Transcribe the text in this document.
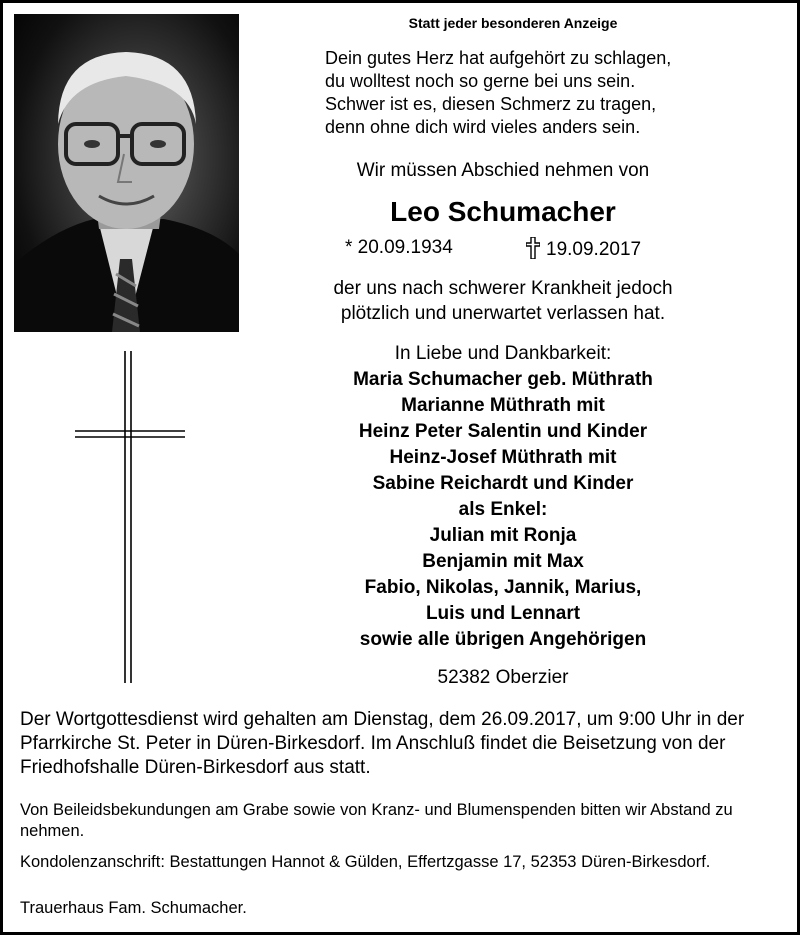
Statt jeder besonderen Anzeige
Dein gutes Herz hat aufgehört zu schlagen,
du wolltest noch so gerne bei uns sein.
Schwer ist es, diesen Schmerz zu tragen,
denn ohne dich wird vieles anders sein.
Wir müssen Abschied nehmen von
Leo Schumacher
* 20.09.1934	19.09.2017
der uns nach schwerer Krankheit jedoch
plötzlich und unerwartet verlassen hat.
In Liebe und Dankbarkeit:
Maria Schumacher geb. Müthrath
Marianne Müthrath mit
Heinz Peter Salentin und Kinder
Heinz-Josef Müthrath mit
Sabine Reichardt und Kinder
als Enkel:
Julian mit Ronja
Benjamin mit Max
Fabio, Nikolas, Jannik, Marius,
Luis und Lennart
sowie alle übrigen Angehörigen
52382 Oberzier
Der Wortgottesdienst wird gehalten am Dienstag, dem 26.09.2017, um 9:00 Uhr in der Pfarrkirche St. Peter in Düren-Birkesdorf. Im Anschluß findet die Beisetzung von der Friedhofshalle Düren-Birkesdorf aus statt.
Von Beileidsbekundungen am Grabe sowie von Kranz- und Blumenspenden bitten wir Abstand zu nehmen.
Kondolenzanschrift: Bestattungen Hannot & Gülden, Effertzgasse 17, 52353 Düren-Birkesdorf.
Trauerhaus Fam. Schumacher.
